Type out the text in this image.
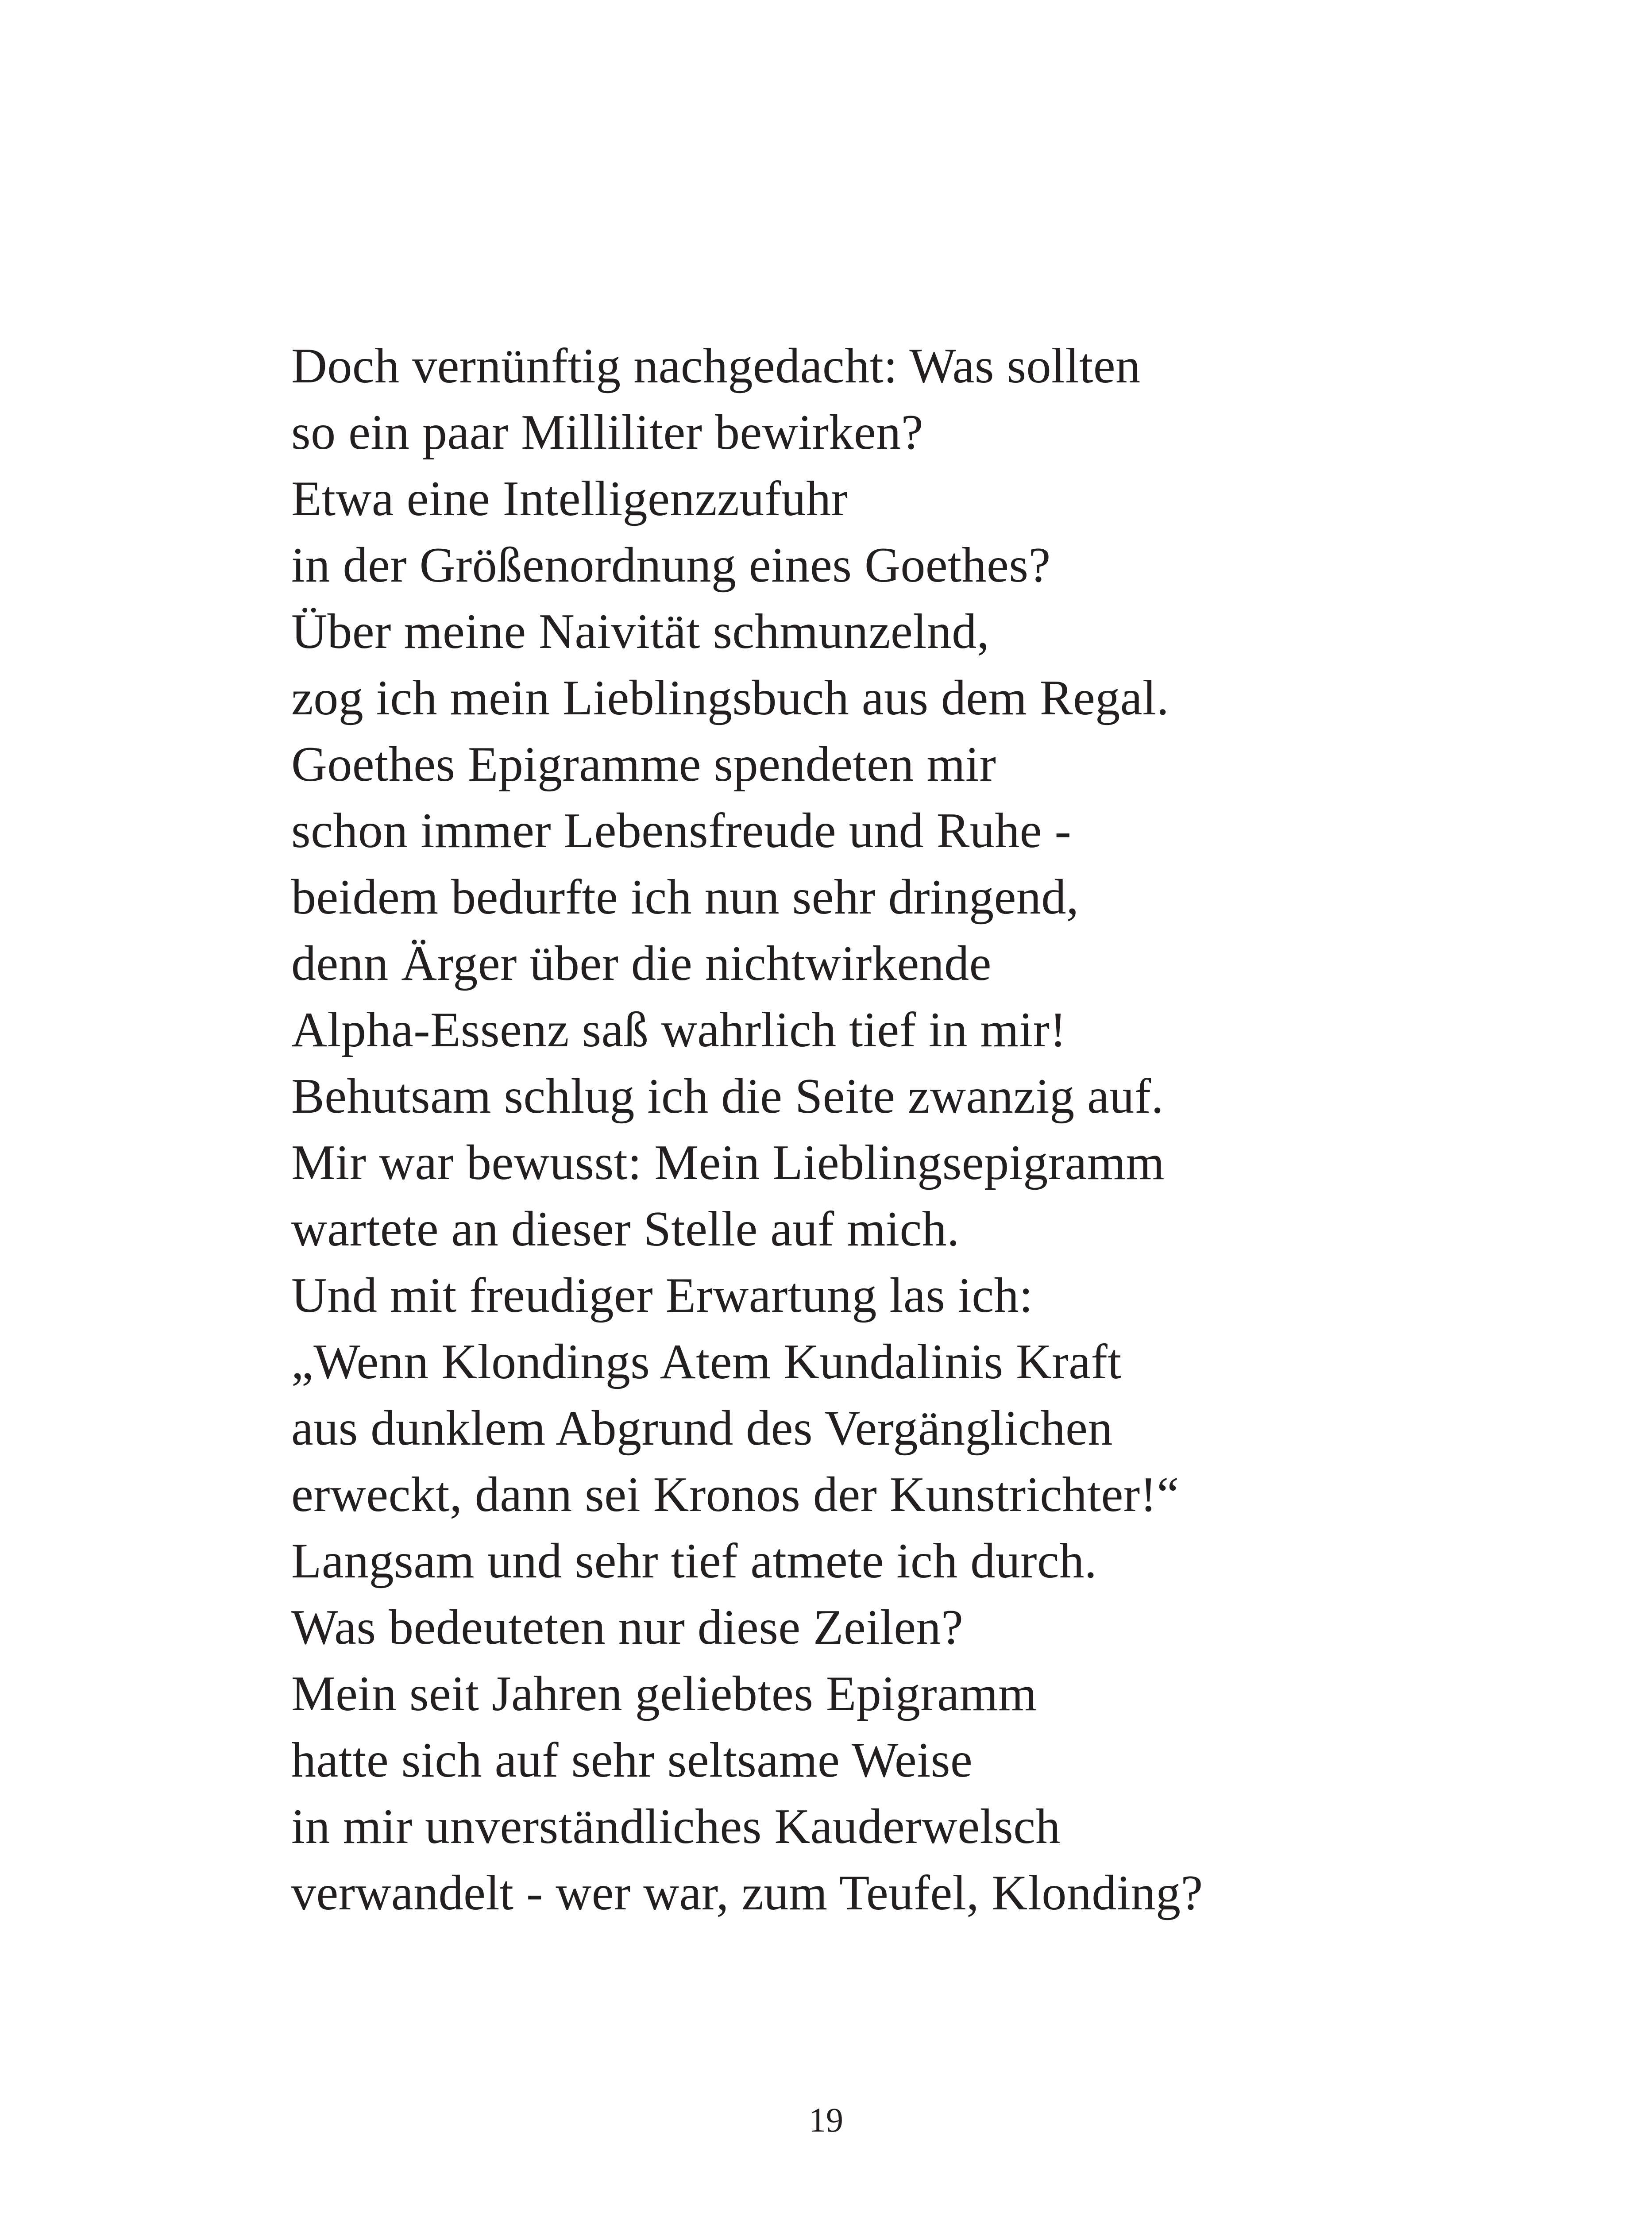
Doch vernünftig nachgedacht: Was sollten
so ein paar Milliliter bewirken?
Etwa eine Intelligenzzufuhr
in der Größenordnung eines Goethes?
Über meine Naivität schmunzelnd,
zog ich mein Lieblingsbuch aus dem Regal.
Goethes Epigramme spendeten mir
schon immer Lebensfreude und Ruhe -
beidem bedurfte ich nun sehr dringend,
denn Ärger über die nichtwirkende
Alpha-Essenz saß wahrlich tief in mir!
Behutsam schlug ich die Seite zwanzig auf.
Mir war bewusst: Mein Lieblingsepigramm
wartete an dieser Stelle auf mich.
Und mit freudiger Erwartung las ich:
„Wenn Klondings Atem Kundalinis Kraft
aus dunklem Abgrund des Vergänglichen
erweckt, dann sei Kronos der Kunstrichter!“
Langsam und sehr tief atmete ich durch.
Was bedeuteten nur diese Zeilen?
Mein seit Jahren geliebtes Epigramm
hatte sich auf sehr seltsame Weise
in mir unverständliches Kauderwelsch
verwandelt - wer war, zum Teufel, Klonding?
19
